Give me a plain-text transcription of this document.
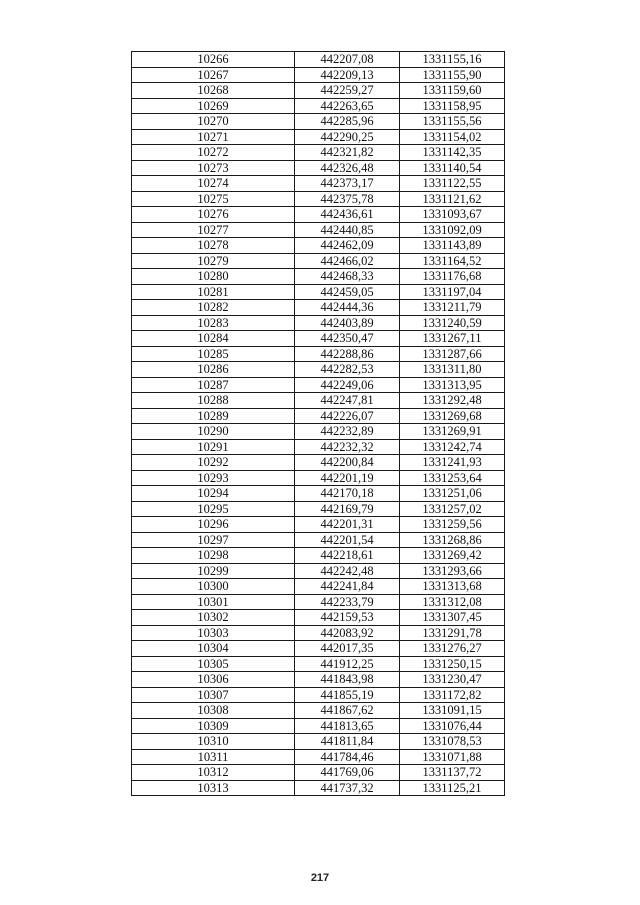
10266	442207,08	1331155,16
10267	442209,13	1331155,90
10268	442259,27	1331159,60
10269	442263,65	1331158,95
10270	442285,96	1331155,56
10271	442290,25	1331154,02
10272	442321,82	1331142,35
10273	442326,48	1331140,54
10274	442373,17	1331122,55
10275	442375,78	1331121,62
10276	442436,61	1331093,67
10277	442440,85	1331092,09
10278	442462,09	1331143,89
10279	442466,02	1331164,52
10280	442468,33	1331176,68
10281	442459,05	1331197,04
10282	442444,36	1331211,79
10283	442403,89	1331240,59
10284	442350,47	1331267,11
10285	442288,86	1331287,66
10286	442282,53	1331311,80
10287	442249,06	1331313,95
10288	442247,81	1331292,48
10289	442226,07	1331269,68
10290	442232,89	1331269,91
10291	442232,32	1331242,74
10292	442200,84	1331241,93
10293	442201,19	1331253,64
10294	442170,18	1331251,06
10295	442169,79	1331257,02
10296	442201,31	1331259,56
10297	442201,54	1331268,86
10298	442218,61	1331269,42
10299	442242,48	1331293,66
10300	442241,84	1331313,68
10301	442233,79	1331312,08
10302	442159,53	1331307,45
10303	442083,92	1331291,78
10304	442017,35	1331276,27
10305	441912,25	1331250,15
10306	441843,98	1331230,47
10307	441855,19	1331172,82
10308	441867,62	1331091,15
10309	441813,65	1331076,44
10310	441811,84	1331078,53
10311	441784,46	1331071,88
10312	441769,06	1331137,72
10313	441737,32	1331125,21
217
